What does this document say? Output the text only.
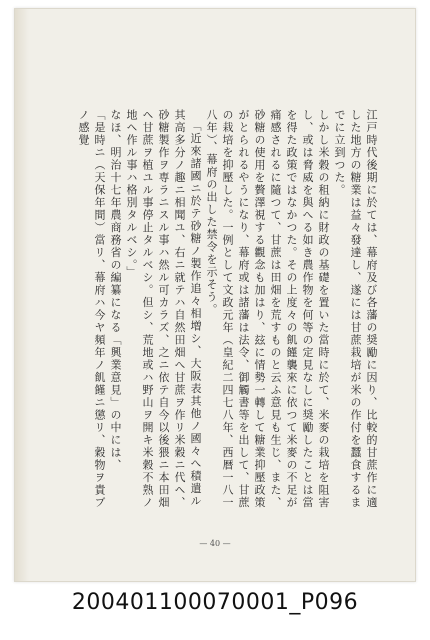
江戸時代後期に於ては、幕府及び各藩の奨勵に因り、比較的甘蔗作に適した地方の糖業は益々發達し、遂には甘蔗栽培が米の作付を蠶食するまでに立到つた。

しかし米穀の租納に財政の基礎を置いた當時に於て、米麥の栽培を阻害し、或は脅威を與へる如き農作物を何等の定見なしに奨勵したことは當を得た政策ではなかつた。その上度々の飢饉襲來に依つて米麥の不足が痛感されるに隨つて、甘蔗は田畑を荒すものと云ふ意見も生じ、また、砂糖の使用を贅澤視する觀念も加はり、玆に情勢一轉して糖業抑壓政策がとられるやうになり、幕府或は諸藩は法令、御觸書等を出して、甘蔗の栽培を抑壓した。一例として文政元年（皇紀二四七八年、西暦一八一八年）、幕府の出した禁令を示そう。

「近來諸國ニ於テ砂糖ノ製作追々相増シ、大阪表其他ノ國々へ積遣ル其高多分ノ趣ニ相聞ユ、右ニ就テハ自然田畑へ甘蔗ヲ作リ米穀ニ代ヘ、砂糖製作ヲ専ラニスル事ハ然ル可カラズ、之ニ依テ自今以後猥ニ本田畑ヘ甘蔗ヲ植ユル事停止タルベシ。但シ、荒地或ハ野山ヲ開キ米穀不熟ノ地ヘ作ル事ハ格別タルベシ。」

なほ、明治十七年農商務省の編纂になる「興業意見」の中には、

「是時ニ（天保年間）當リ、幕府ハ今ヤ頻年ノ飢饉ニ懲リ、穀物ヲ貴ブノ感覺

— 40 —
200401100070001_P096
